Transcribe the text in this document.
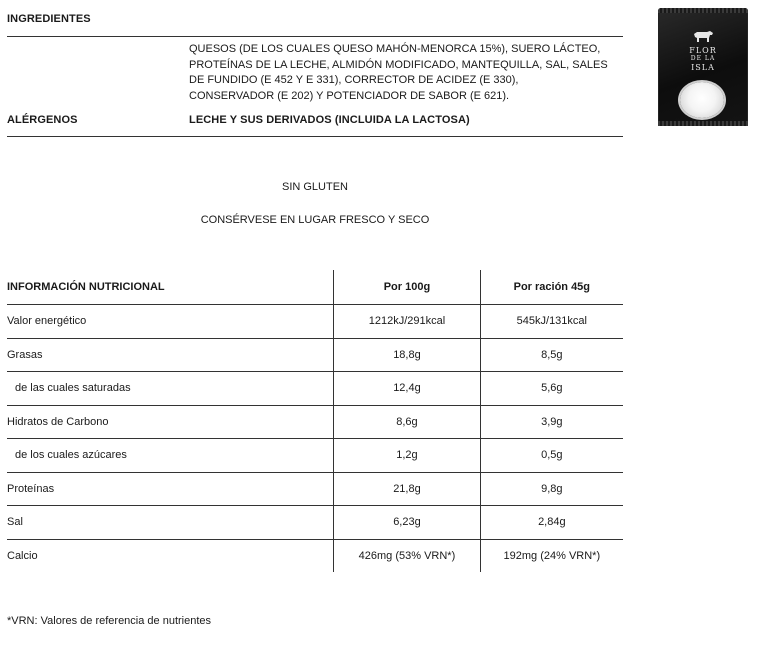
INGREDIENTES
QUESOS (DE LOS CUALES QUESO MAHÓN-MENORCA 15%), SUERO LÁCTEO,
PROTEÍNAS DE LA LECHE, ALMIDÓN MODIFICADO, MANTEQUILLA, SAL, SALES
DE FUNDIDO (E 452 Y E 331), CORRECTOR DE ACIDEZ (E 330),
CONSERVADOR (E 202) Y POTENCIADOR DE SABOR (E 621).
ALÉRGENOS	LECHE Y SUS DERIVADOS (INCLUIDA LA LACTOSA)
SIN GLUTEN
CONSÉRVESE EN LUGAR FRESCO Y SECO
FLOR
DE LA
ISLA
INFORMACIÓN NUTRICIONAL	Por 100g	Por ración 45g
Valor energético	1212kJ/291kcal	545kJ/131kcal
Grasas	18,8g	8,5g
de las cuales saturadas	12,4g	5,6g
Hidratos de Carbono	8,6g	3,9g
de los cuales azúcares	1,2g	0,5g
Proteínas	21,8g	9,8g
Sal	6,23g	2,84g
Calcio	426mg (53% VRN*)	192mg (24% VRN*)
*VRN: Valores de referencia de nutrientes
